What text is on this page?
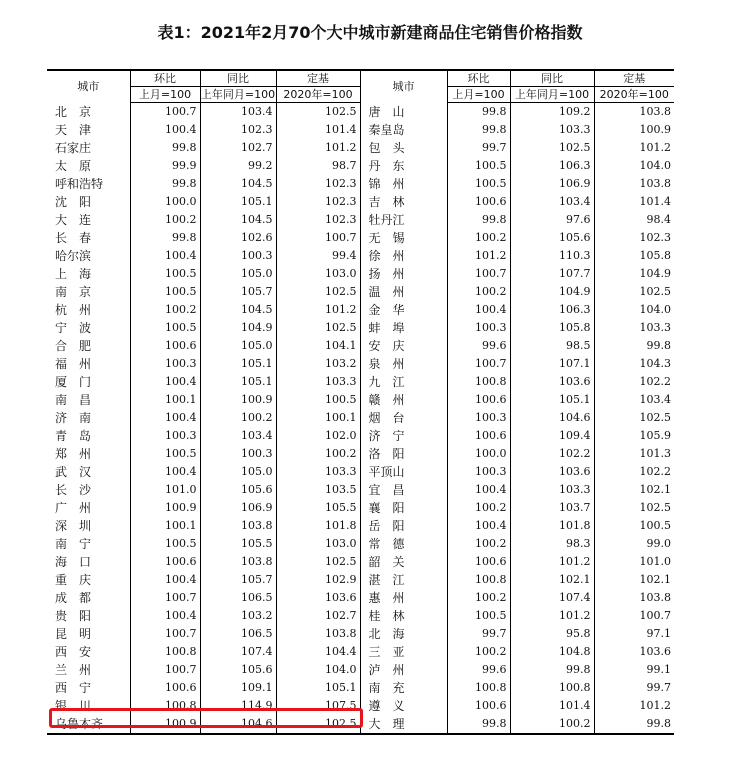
表1：2021年2月70个大中城市新建商品住宅销售价格指数
城市	环比	同比	定基	城市	环比	同比	定基
	上月=100	上年同月=100	2020年=100		上月=100	上年同月=100	2020年=100
北　京	100.7	103.4	102.5	唐　山	99.8	109.2	103.8
天　津	100.4	102.3	101.4	秦皇岛	99.8	103.3	100.9
石家庄	99.8	102.7	101.2	包　头	99.7	102.5	101.2
太　原	99.9	99.2	98.7	丹　东	100.5	106.3	104.0
呼和浩特	99.8	104.5	102.3	锦　州	100.5	106.9	103.8
沈　阳	100.0	105.1	102.3	吉　林	100.6	103.4	101.4
大　连	100.2	104.5	102.3	牡丹江	99.8	97.6	98.4
长　春	99.8	102.6	100.7	无　锡	100.2	105.6	102.3
哈尔滨	100.4	100.3	99.4	徐　州	101.2	110.3	105.8
上　海	100.5	105.0	103.0	扬　州	100.7	107.7	104.9
南　京	100.5	105.7	102.5	温　州	100.2	104.9	102.5
杭　州	100.2	104.5	101.2	金　华	100.4	106.3	104.0
宁　波	100.5	104.9	102.5	蚌　埠	100.3	105.8	103.3
合　肥	100.6	105.0	104.1	安　庆	99.6	98.5	99.8
福　州	100.3	105.1	103.2	泉　州	100.7	107.1	104.3
厦　门	100.4	105.1	103.3	九　江	100.8	103.6	102.2
南　昌	100.1	100.9	100.5	赣　州	100.6	105.1	103.4
济　南	100.4	100.2	100.1	烟　台	100.3	104.6	102.5
青　岛	100.3	103.4	102.0	济　宁	100.6	109.4	105.9
郑　州	100.5	100.3	100.2	洛　阳	100.0	102.2	101.3
武　汉	100.4	105.0	103.3	平顶山	100.3	103.6	102.2
长　沙	101.0	105.6	103.5	宜　昌	100.4	103.3	102.1
广　州	100.9	106.9	105.5	襄　阳	100.2	103.7	102.5
深　圳	100.1	103.8	101.8	岳　阳	100.4	101.8	100.5
南　宁	100.5	105.5	103.0	常　德	100.2	98.3	99.0
海　口	100.6	103.8	102.5	韶　关	100.6	101.2	101.0
重　庆	100.4	105.7	102.9	湛　江	100.8	102.1	102.1
成　都	100.7	106.5	103.6	惠　州	100.2	107.4	103.8
贵　阳	100.4	103.2	102.7	桂　林	100.5	101.2	100.7
昆　明	100.7	106.5	103.8	北　海	99.7	95.8	97.1
西　安	100.8	107.4	104.4	三　亚	100.2	104.8	103.6
兰　州	100.7	105.6	104.0	泸　州	99.6	99.8	99.1
西　宁	100.6	109.1	105.1	南　充	100.8	100.8	99.7
银　川	100.8	114.9	107.5	遵　义	100.6	101.4	101.2
乌鲁木齐	100.9	104.6	102.5	大　理	99.8	100.2	99.8
